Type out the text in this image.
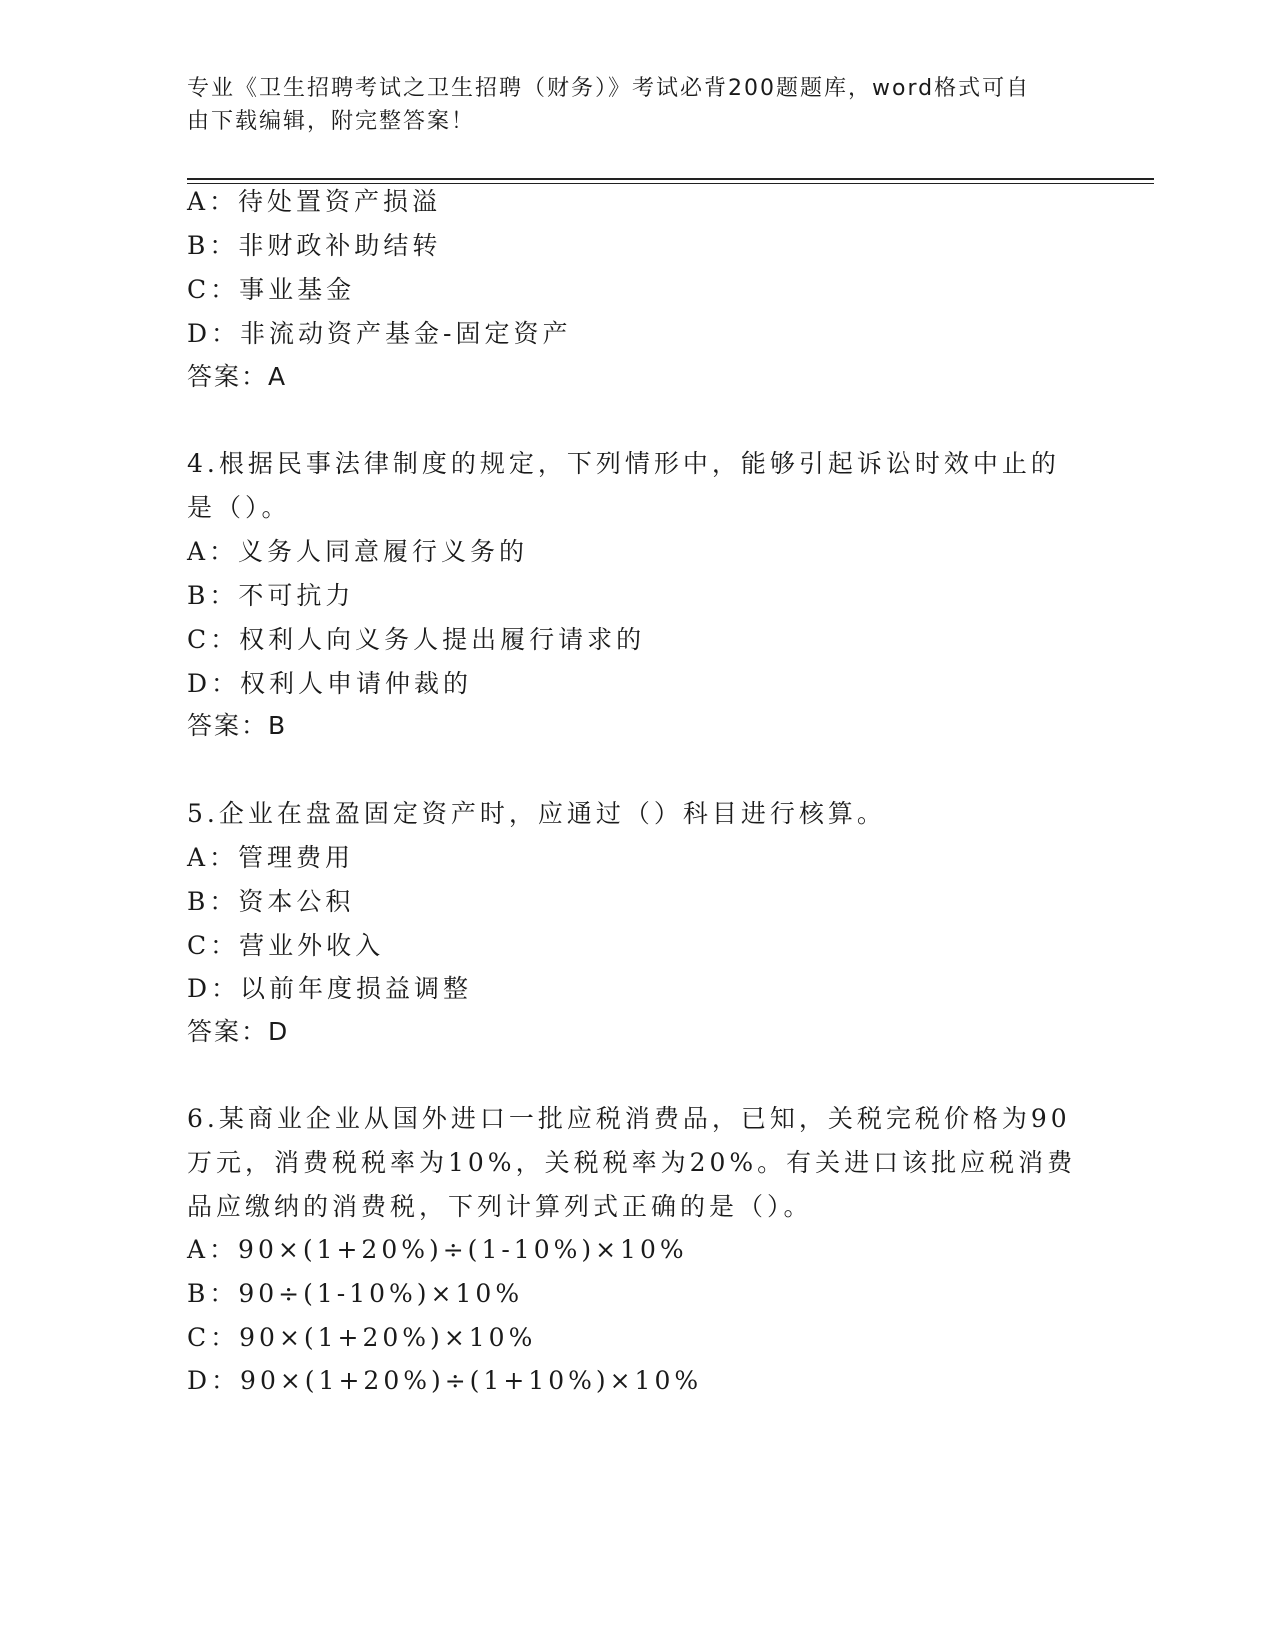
专业《卫生招聘考试之卫生招聘（财务）》考试必背200题题库，word格式可自
由下载编辑，附完整答案！
A：待处置资产损溢
B：非财政补助结转
C：事业基金
D：非流动资产基金-固定资产
答案：A
4.根据民事法律制度的规定，下列情形中，能够引起诉讼时效中止的
是（）。
A：义务人同意履行义务的
B：不可抗力
C：权利人向义务人提出履行请求的
D：权利人申请仲裁的
答案：B
5.企业在盘盈固定资产时，应通过（）科目进行核算。
A：管理费用
B：资本公积
C：营业外收入
D：以前年度损益调整
答案：D
6.某商业企业从国外进口一批应税消费品，已知，关税完税价格为90
万元，消费税税率为10%，关税税率为20%。有关进口该批应税消费
品应缴纳的消费税，下列计算列式正确的是（）。
A：90×(1+20%)÷(1-10%)×10%
B：90÷(1-10%)×10%
C：90×(1+20%)×10%
D：90×(1+20%)÷(1+10%)×10%
